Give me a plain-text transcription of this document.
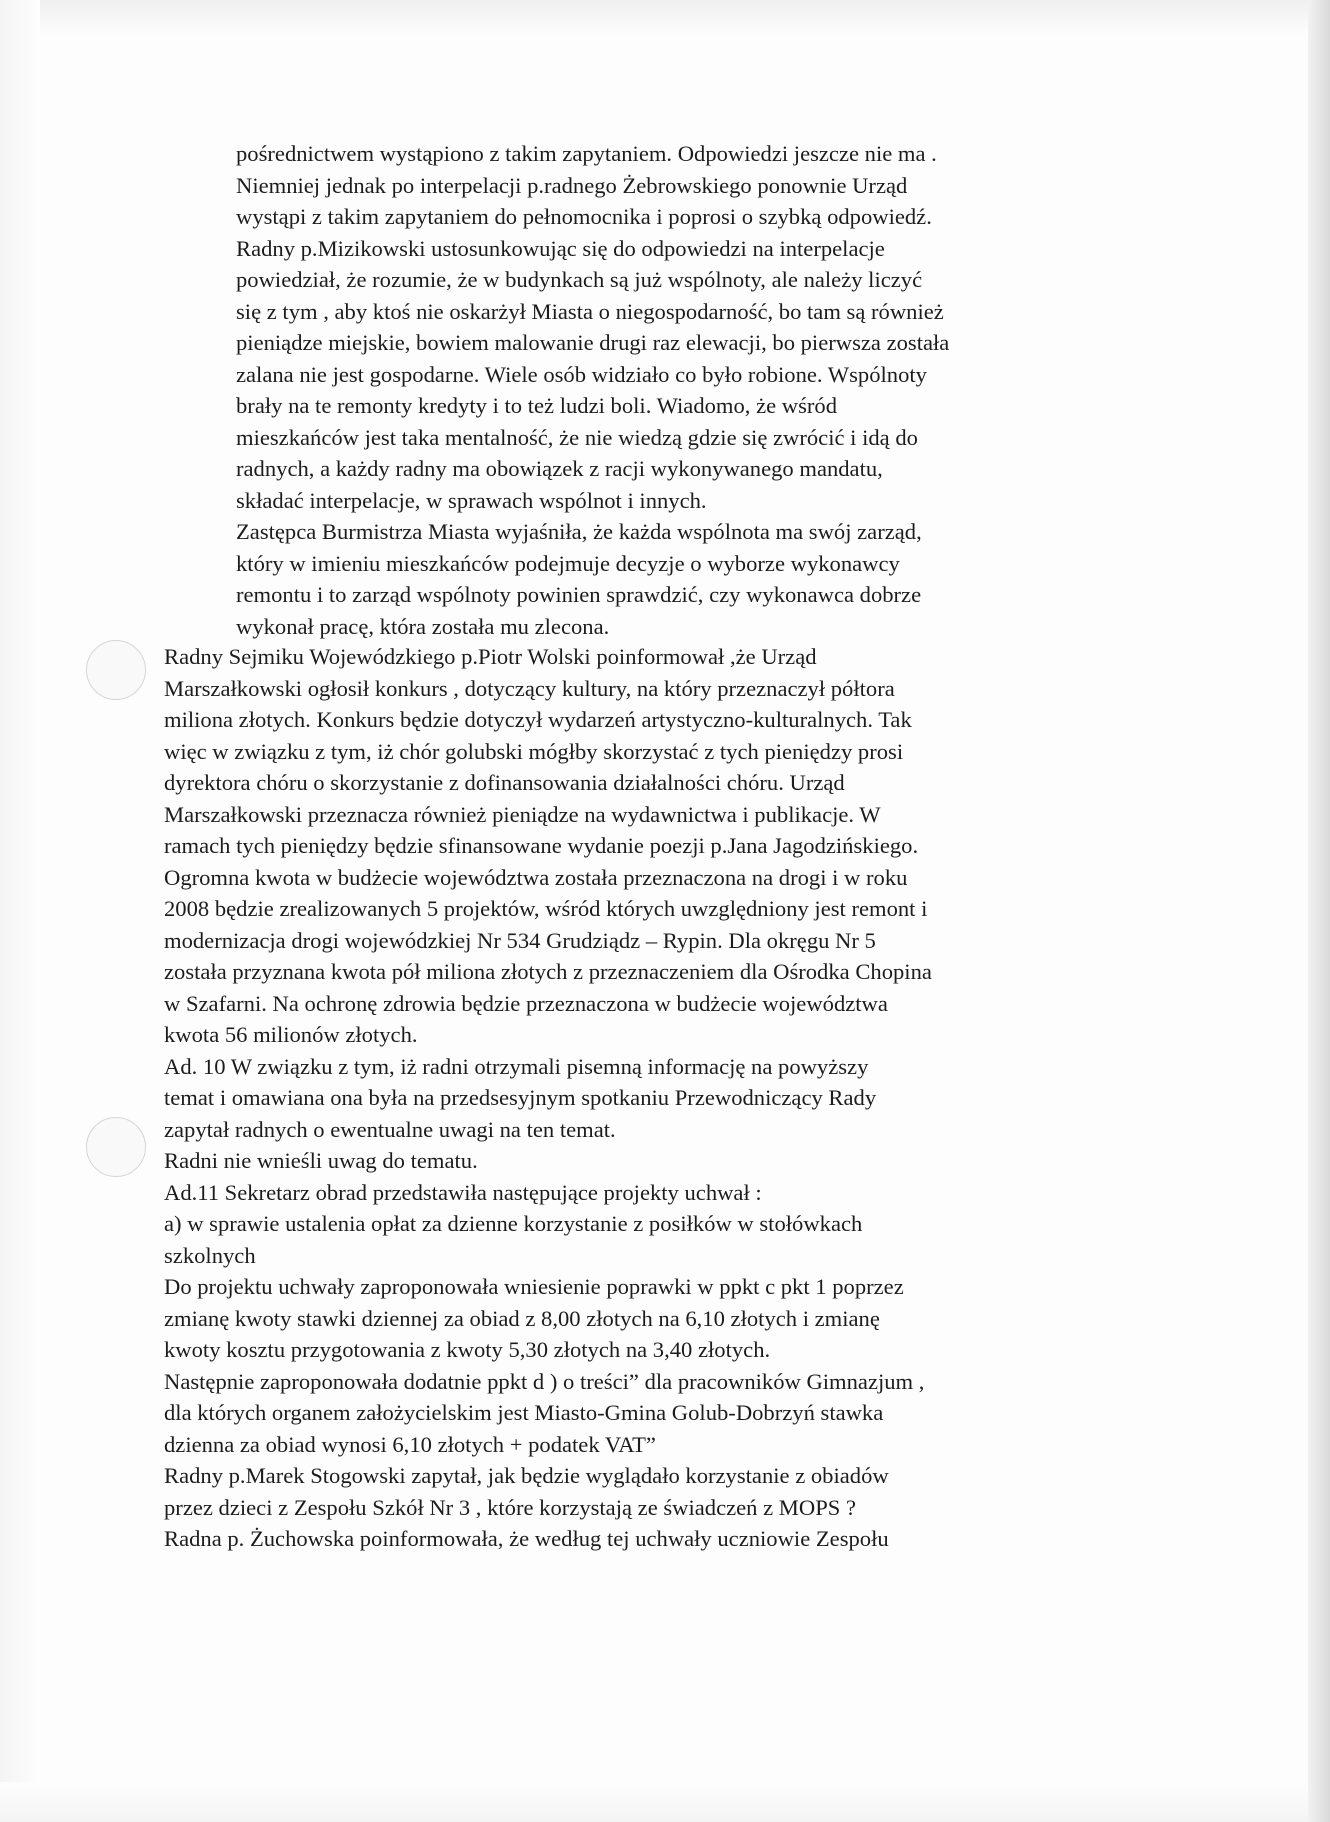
pośrednictwem wystąpiono z takim zapytaniem. Odpowiedzi jeszcze nie ma .
Niemniej jednak po interpelacji p.radnego Żebrowskiego ponownie Urząd
wystąpi z takim zapytaniem do pełnomocnika i poprosi o szybką odpowiedź.
Radny p.Mizikowski ustosunkowując się do odpowiedzi na interpelacje
powiedział, że rozumie, że w budynkach są już wspólnoty, ale należy liczyć
się z tym , aby ktoś nie oskarżył Miasta o niegospodarność, bo tam są również
pieniądze miejskie, bowiem malowanie drugi raz elewacji, bo pierwsza została
zalana nie jest gospodarne. Wiele osób widziało co było robione. Wspólnoty
brały na te remonty kredyty i to też ludzi boli. Wiadomo, że wśród
mieszkańców jest taka mentalność, że nie wiedzą gdzie się zwrócić i idą do
radnych, a każdy radny ma obowiązek z racji wykonywanego mandatu,
składać interpelacje, w sprawach wspólnot i innych.
Zastępca Burmistrza Miasta wyjaśniła, że każda wspólnota ma swój zarząd,
który w imieniu mieszkańców podejmuje decyzje o wyborze wykonawcy
remontu i to zarząd wspólnoty powinien sprawdzić, czy wykonawca dobrze
wykonał pracę, która została mu zlecona.
Radny Sejmiku Wojewódzkiego p.Piotr Wolski poinformował ,że Urząd
Marszałkowski ogłosił konkurs , dotyczący kultury, na który przeznaczył półtora
miliona złotych. Konkurs będzie dotyczył wydarzeń artystyczno-kulturalnych. Tak
więc w związku z tym, iż chór golubski mógłby skorzystać z tych pieniędzy prosi
dyrektora chóru o skorzystanie z dofinansowania działalności chóru. Urząd
Marszałkowski przeznacza również pieniądze na wydawnictwa i publikacje. W
ramach tych pieniędzy będzie sfinansowane wydanie poezji p.Jana Jagodzińskiego.
Ogromna kwota w budżecie województwa została przeznaczona na drogi i w roku
2008 będzie zrealizowanych 5 projektów, wśród których uwzględniony jest remont i
modernizacja drogi wojewódzkiej Nr 534 Grudziądz – Rypin. Dla okręgu Nr 5
została przyznana kwota pół miliona złotych z przeznaczeniem dla Ośrodka Chopina
w Szafarni. Na ochronę zdrowia będzie przeznaczona w budżecie województwa
kwota 56 milionów złotych.
Ad. 10 W związku z tym, iż radni otrzymali pisemną informację na powyższy
temat i omawiana ona była na przedsesyjnym spotkaniu Przewodniczący Rady
zapytał radnych o ewentualne uwagi na ten temat.
Radni nie wnieśli uwag do tematu.
Ad.11 Sekretarz obrad przedstawiła następujące projekty uchwał :
a) w sprawie ustalenia opłat za dzienne korzystanie z posiłków w stołówkach
szkolnych
Do projektu uchwały zaproponowała wniesienie poprawki w ppkt c pkt 1 poprzez
zmianę kwoty stawki dziennej za obiad z 8,00 złotych na 6,10 złotych i zmianę
kwoty kosztu przygotowania z kwoty 5,30 złotych na 3,40 złotych.
Następnie zaproponowała dodatnie ppkt d ) o treści” dla pracowników Gimnazjum ,
dla których organem założycielskim jest Miasto-Gmina Golub-Dobrzyń stawka
dzienna za obiad wynosi 6,10 złotych + podatek VAT”
Radny p.Marek Stogowski zapytał, jak będzie wyglądało korzystanie z obiadów
przez dzieci z Zespołu Szkół Nr 3 , które korzystają ze świadczeń z MOPS ?
Radna p. Żuchowska poinformowała, że według tej uchwały uczniowie Zespołu
